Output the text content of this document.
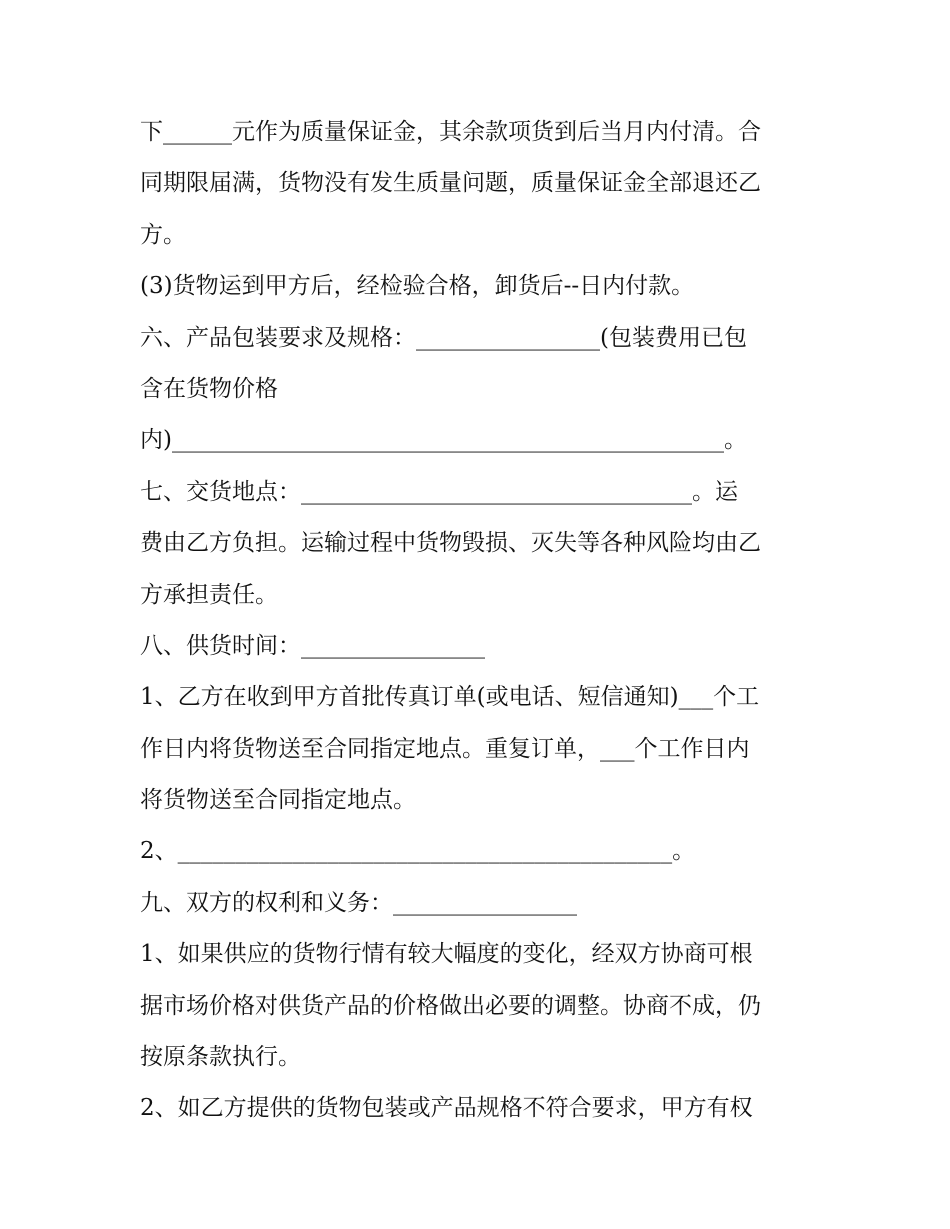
下______元作为质量保证金，其余款项货到后当月内付清。合
同期限届满，货物没有发生质量问题，质量保证金全部退还乙
方。
(3)货物运到甲方后，经检验合格，卸货后--日内付款。
六、产品包装要求及规格：________________(包装费用已包
含在货物价格
内)________________________________________________。
七、交货地点：__________________________________。运
费由乙方负担。运输过程中货物毁损、灭失等各种风险均由乙
方承担责任。
八、供货时间：________________
1、乙方在收到甲方首批传真订单(或电话、短信通知)___个工
作日内将货物送至合同指定地点。重复订单，___个工作日内
将货物送至合同指定地点。
2、___________________________________________。
九、双方的权利和义务：________________
1、如果供应的货物行情有较大幅度的变化，经双方协商可根
据市场价格对供货产品的价格做出必要的调整。协商不成，仍
按原条款执行。
2、如乙方提供的货物包装或产品规格不符合要求，甲方有权
